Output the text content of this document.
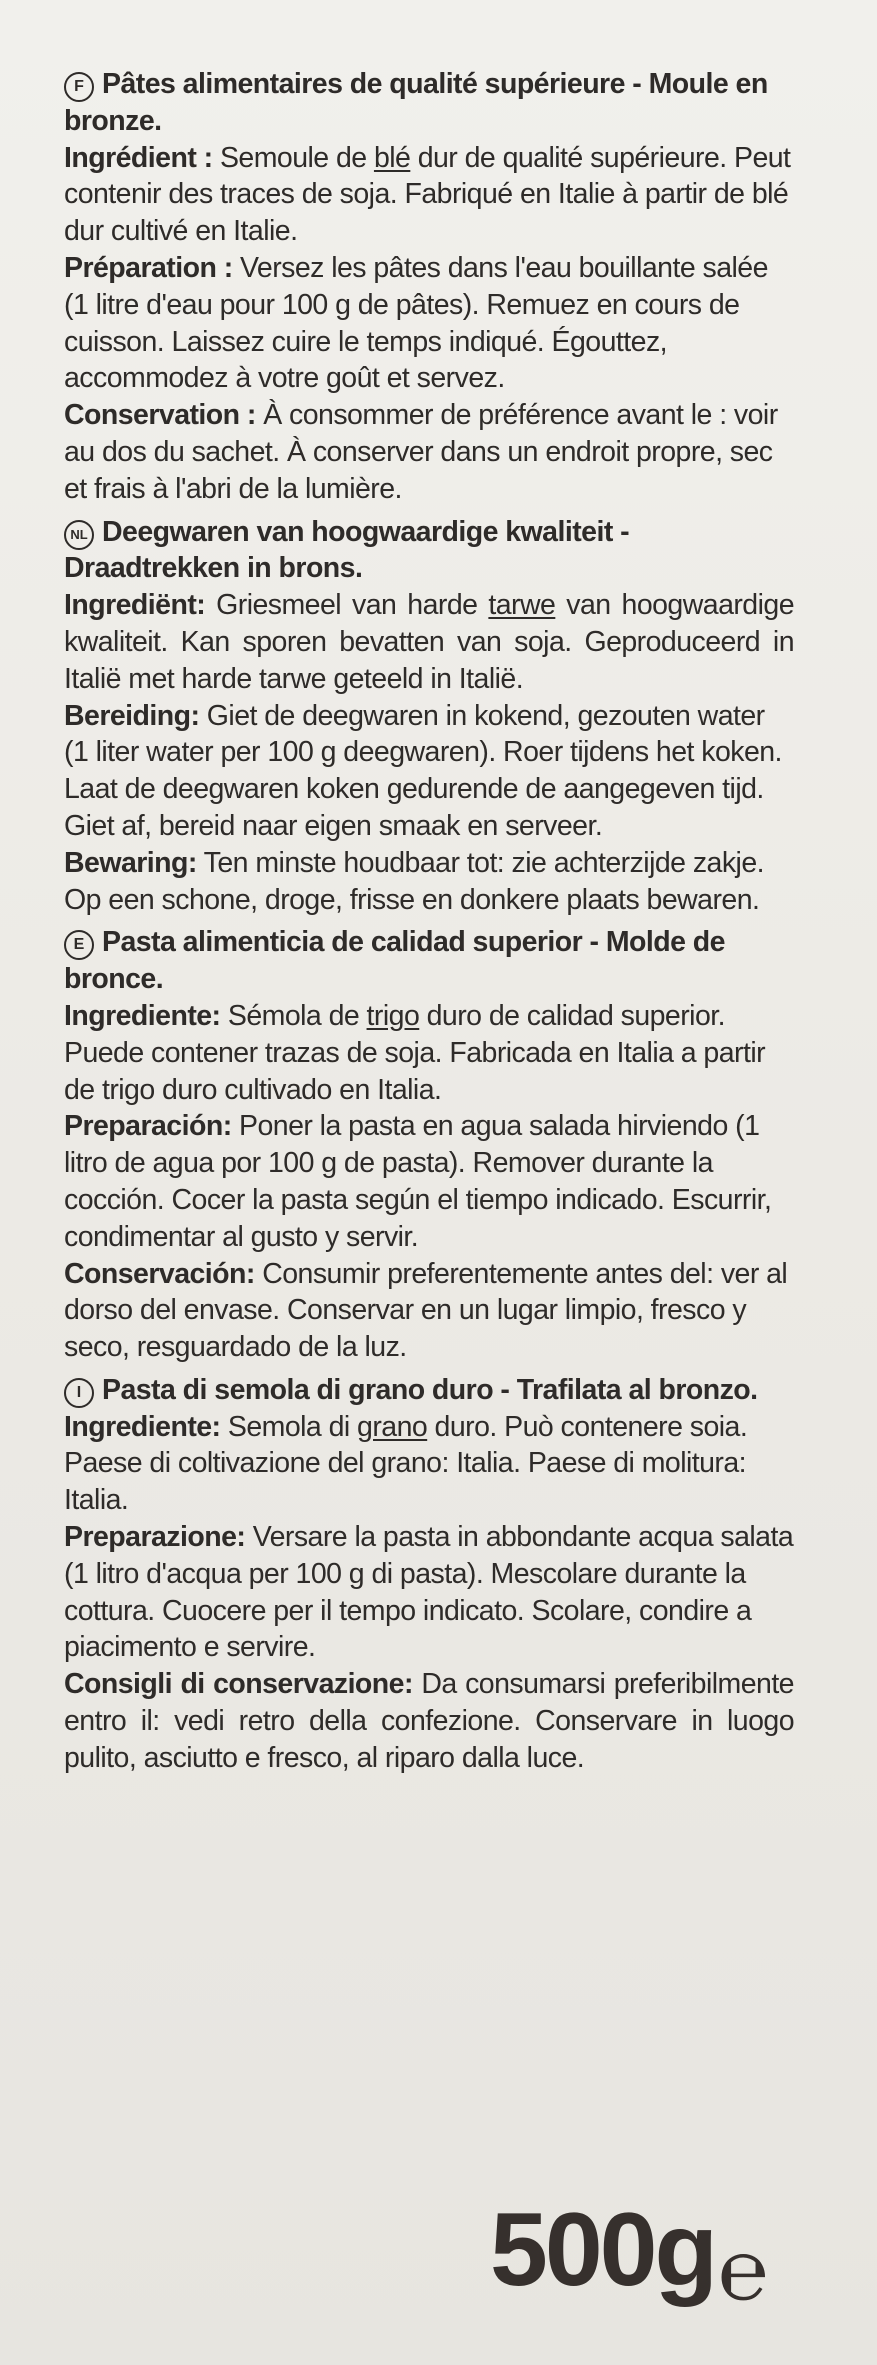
F Pâtes alimentaires de qualité supérieure - Moule en bronze.

Ingrédient : Semoule de blé dur de qualité supérieure. Peut contenir des traces de soja. Fabriqué en Italie à partir de blé dur cultivé en Italie.

Préparation : Versez les pâtes dans l'eau bouillante salée (1 litre d'eau pour 100 g de pâtes). Remuez en cours de cuisson. Laissez cuire le temps indiqué. Égouttez, accommodez à votre goût et servez.

Conservation : À consommer de préférence avant le : voir au dos du sachet. À conserver dans un endroit propre, sec et frais à l'abri de la lumière.

NL Deegwaren van hoogwaardige kwaliteit - Draadtrekken in brons.

Ingrediënt: Griesmeel van harde tarwe van hoogwaardige kwaliteit. Kan sporen bevatten van soja. Geproduceerd in Italië met harde tarwe geteeld in Italië.

Bereiding: Giet de deegwaren in kokend, gezouten water (1 liter water per 100 g deegwaren). Roer tijdens het koken. Laat de deegwaren koken gedurende de aangegeven tijd. Giet af, bereid naar eigen smaak en serveer.

Bewaring: Ten minste houdbaar tot: zie achterzijde zakje. Op een schone, droge, frisse en donkere plaats bewaren.

E Pasta alimenticia de calidad superior - Molde de bronce.

Ingrediente: Sémola de trigo duro de calidad superior. Puede contener trazas de soja. Fabricada en Italia a partir de trigo duro cultivado en Italia.

Preparación: Poner la pasta en agua salada hirviendo (1 litro de agua por 100 g de pasta). Remover durante la cocción. Cocer la pasta según el tiempo indicado. Escurrir, condimentar al gusto y servir.

Conservación: Consumir preferentemente antes del: ver al dorso del envase. Conservar en un lugar limpio, fresco y seco, resguardado de la luz.

I Pasta di semola di grano duro - Trafilata al bronzo.

Ingrediente: Semola di grano duro. Può contenere soia. Paese di coltivazione del grano: Italia. Paese di molitura: Italia.

Preparazione: Versare la pasta in abbondante acqua salata (1 litro d'acqua per 100 g di pasta). Mescolare durante la cottura. Cuocere per il tempo indicato. Scolare, condire a piacimento e servire.

Consigli di conservazione: Da consumarsi preferibilmente entro il: vedi retro della confezione. Conservare in luogo pulito, asciutto e fresco, al riparo dalla luce.

500g ℮
